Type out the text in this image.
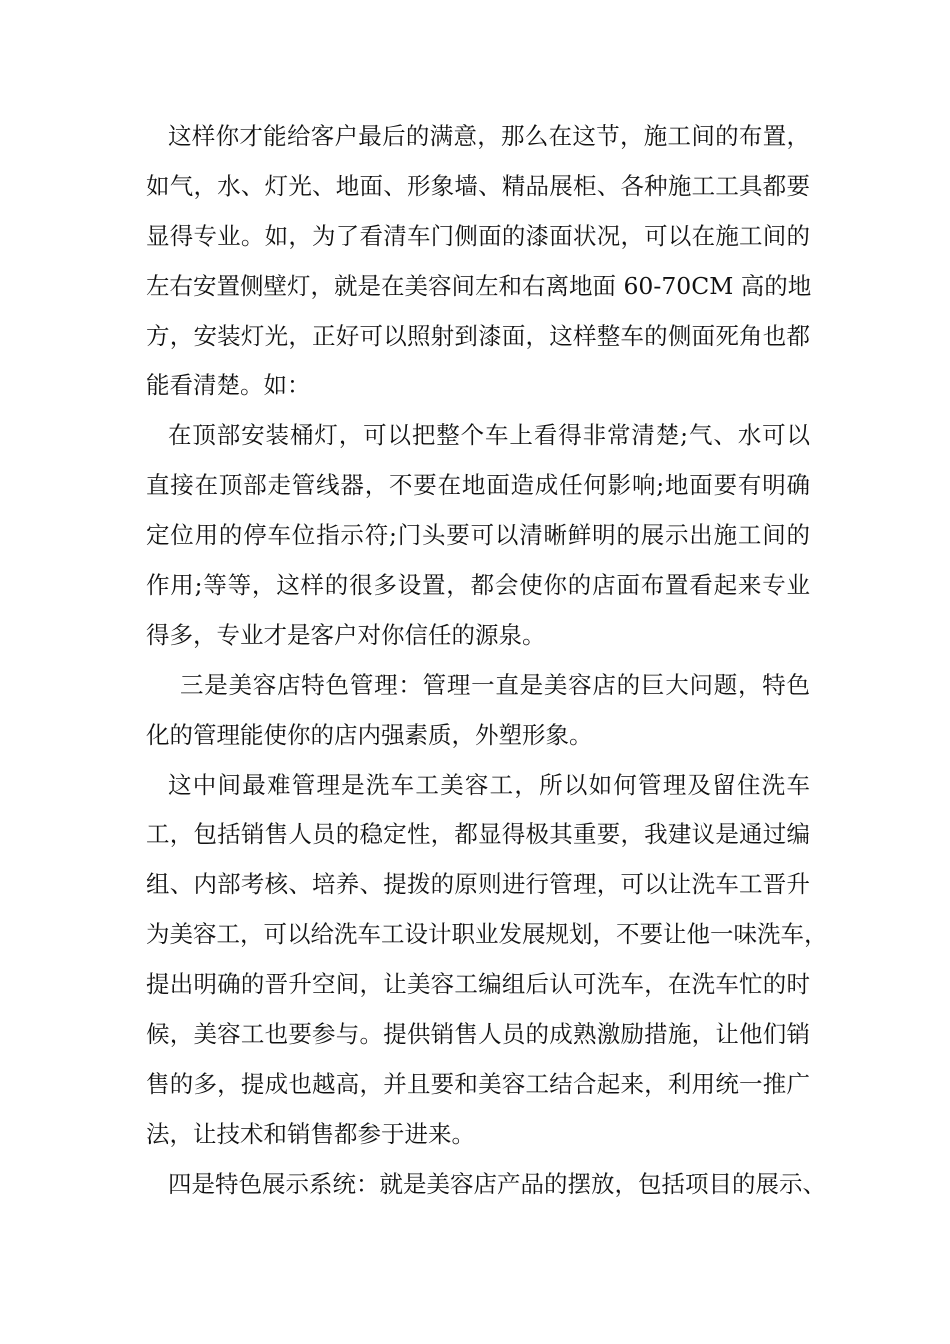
这样你才能给客户最后的满意，那么在这节，施工间的布置，
如气，水、灯光、地面、形象墙、精品展柜、各种施工工具都要
显得专业。如，为了看清车门侧面的漆面状况，可以在施工间的
左右安置侧壁灯，就是在美容间左和右离地面 60-70CM 高的地
方，安装灯光，正好可以照射到漆面，这样整车的侧面死角也都
能看清楚。如：
在顶部安装桶灯，可以把整个车上看得非常清楚;气、水可以
直接在顶部走管线器，不要在地面造成任何影响;地面要有明确
定位用的停车位指示符;门头要可以清晰鲜明的展示出施工间的
作用;等等，这样的很多设置，都会使你的店面布置看起来专业
得多，专业才是客户对你信任的源泉。
三是美容店特色管理：管理一直是美容店的巨大问题，特色
化的管理能使你的店内强素质，外塑形象。
这中间最难管理是洗车工美容工，所以如何管理及留住洗车
工，包括销售人员的稳定性，都显得极其重要，我建议是通过编
组、内部考核、培养、提拨的原则进行管理，可以让洗车工晋升
为美容工，可以给洗车工设计职业发展规划，不要让他一味洗车，
提出明确的晋升空间，让美容工编组后认可洗车，在洗车忙的时
候，美容工也要参与。提供销售人员的成熟激励措施，让他们销
售的多，提成也越高，并且要和美容工结合起来，利用统一推广
法，让技术和销售都参于进来。
四是特色展示系统：就是美容店产品的摆放，包括项目的展示、
